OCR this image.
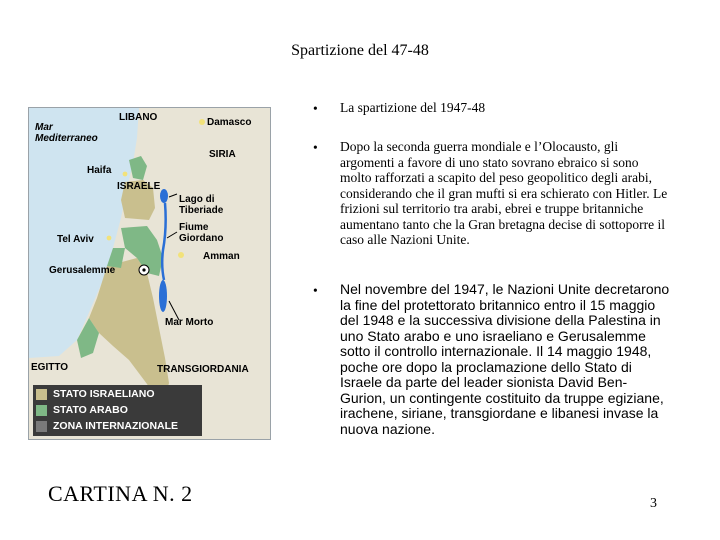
Spartizione del 47-48
LIBANO	Damasco
Mar
Mediterraneo
SIRIA
Haifa
ISRAELE
Lago di
Tiberiade
Fiume
Giordano
Tel Aviv
Amman
Gerusalemme
Mar Morto
EGITTO	TRANSGIORDANIA
STATO ISRAELIANO
STATO ARABO
ZONA INTERNAZIONALE
CARTINA N. 2
• La spartizione del 1947-48
• Dopo la seconda guerra mondiale e l’Olocausto, gli argomenti a favore di uno stato sovrano ebraico si sono molto rafforzati a scapito del peso geopolitico degli arabi, considerando che il gran mufti si era schierato con Hitler. Le frizioni sul territorio tra arabi, ebrei e truppe britanniche aumentano tanto che la Gran bretagna decise di sottoporre il caso alle Nazioni Unite.
• Nel novembre del 1947, le Nazioni Unite decretarono la fine del protettorato britannico entro il 15 maggio del 1948 e la successiva divisione della Palestina in uno Stato arabo e uno israeliano e Gerusalemme sotto il controllo internazionale. Il 14 maggio 1948, poche ore dopo la proclamazione dello Stato di Israele da parte del leader sionista David Ben-Gurion, un contingente costituito da truppe egiziane, irachene, siriane, transgiordane e libanesi invase la nuova nazione.
3
